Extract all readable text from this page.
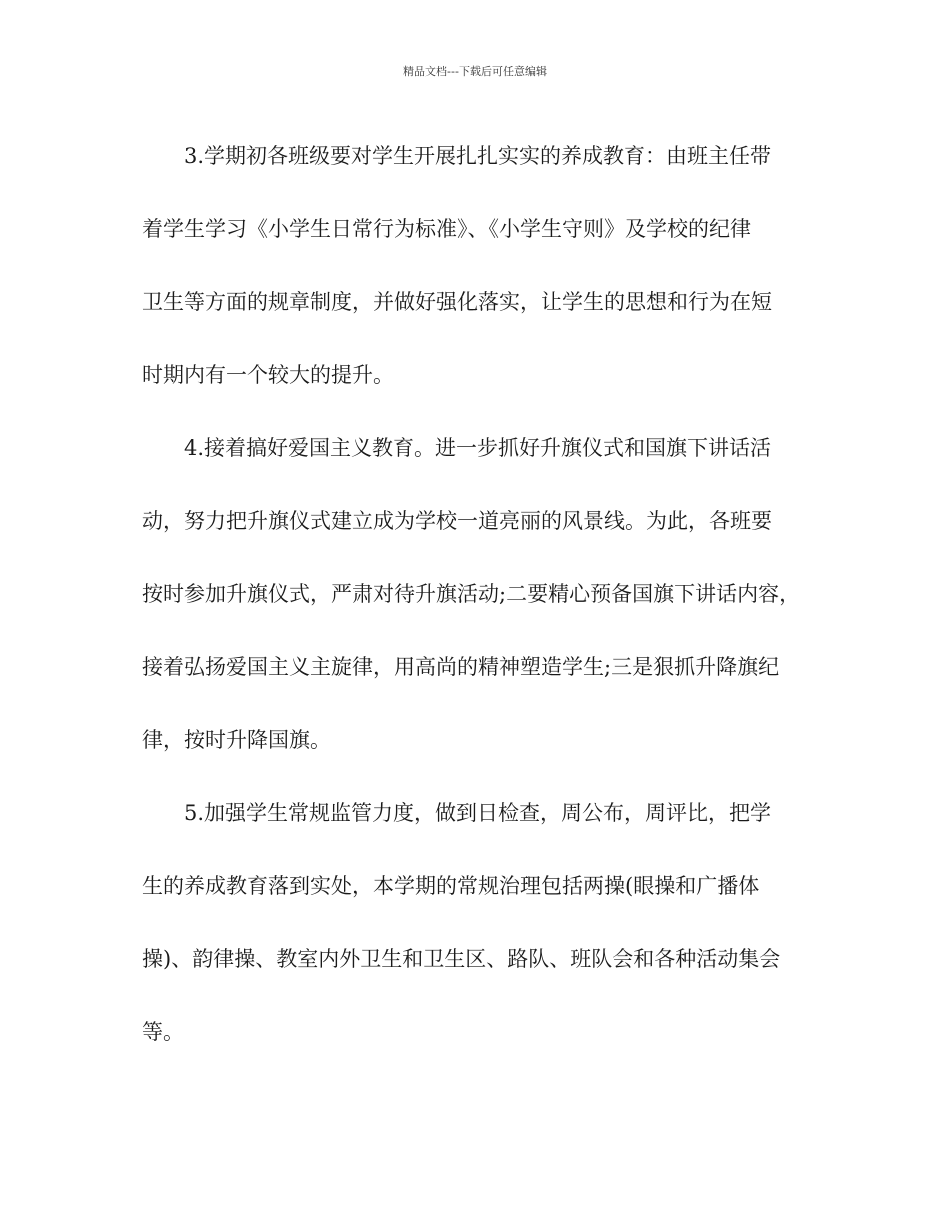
精品文档---下载后可任意编辑
3.学期初各班级要对学生开展扎扎实实的养成教育：由班主任带
着学生学习《小学生日常行为标准》、《小学生守则》及学校的纪律
卫生等方面的规章制度，并做好强化落实，让学生的思想和行为在短
时期内有一个较大的提升。
4.接着搞好爱国主义教育。进一步抓好升旗仪式和国旗下讲话活
动，努力把升旗仪式建立成为学校一道亮丽的风景线。为此，各班要
按时参加升旗仪式，严肃对待升旗活动;二要精心预备国旗下讲话内容，
接着弘扬爱国主义主旋律，用高尚的精神塑造学生;三是狠抓升降旗纪
律，按时升降国旗。
5.加强学生常规监管力度，做到日检查，周公布，周评比，把学
生的养成教育落到实处，本学期的常规治理包括两操(眼操和广播体
操)、韵律操、教室内外卫生和卫生区、路队、班队会和各种活动集会
等。
